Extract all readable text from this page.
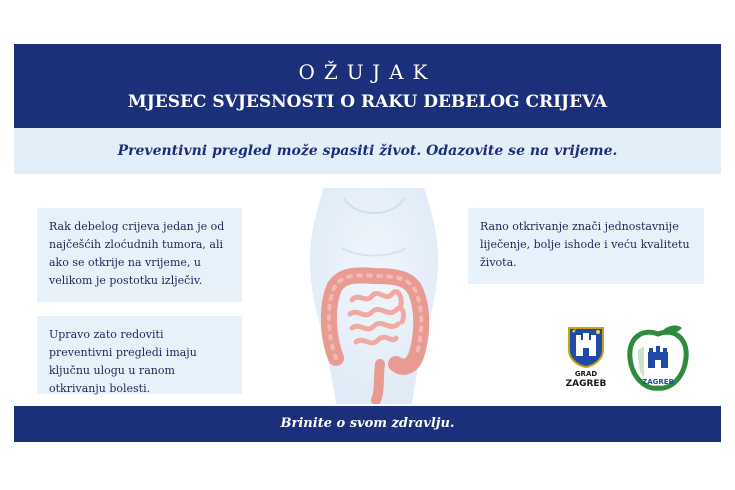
OŽUJAK
MJESEC SVJESNOSTI O RAKU DEBELOG CRIJEVA
Preventivni pregled može spasiti život. Odazovite se na vrijeme.
Rak debelog crijeva jedan je od najčešćih zloćudnih tumora, ali ako se otkrije na vrijeme, u velikom je postotku izlječiv.
Upravo zato redoviti preventivni pregledi imaju ključnu ulogu u ranom otkrivanju bolesti.
Rano otkrivanje znači jednostavnije liječenje, bolje ishode i veću kvalitetu života.
GRAD
ZAGREB	ZAGREB
Brinite o svom zdravlju.
